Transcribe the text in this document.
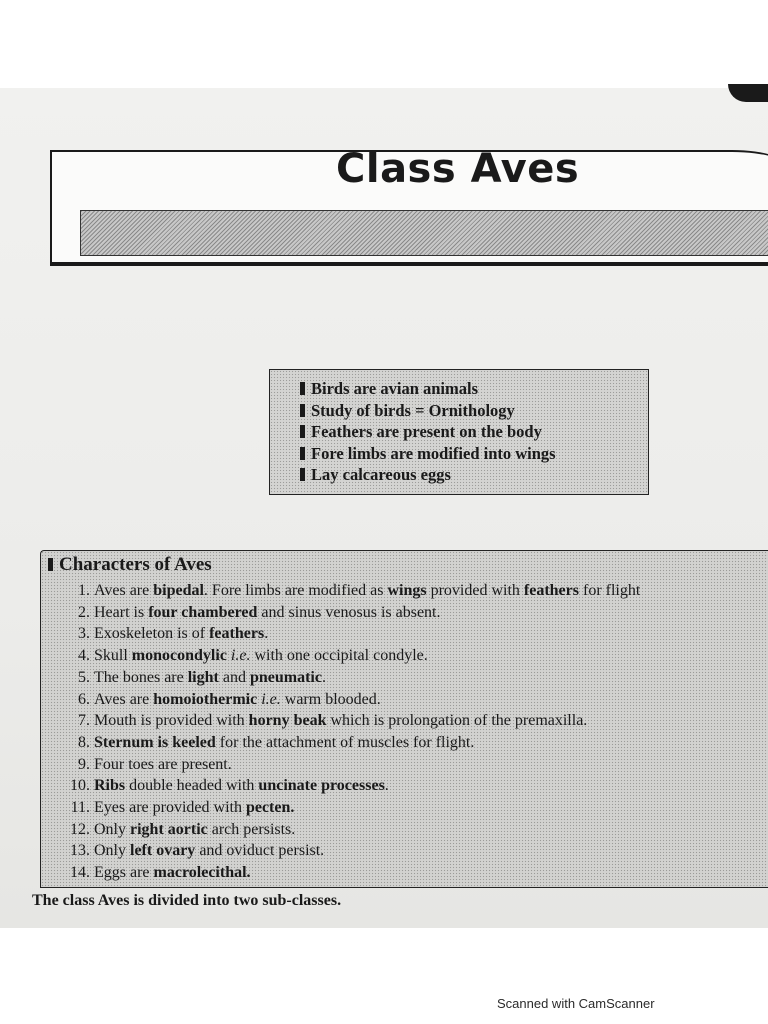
Class Aves
Birds are avian animals
Study of birds = Ornithology
Feathers are present on the body
Fore limbs are modified into wings
Lay calcareous eggs
Characters of Aves
1. Aves are bipedal. Fore limbs are modified as wings provided with feathers for flight
2. Heart is four chambered and sinus venosus is absent.
3. Exoskeleton is of feathers.
4. Skull monocondylic i.e. with one occipital condyle.
5. The bones are light and pneumatic.
6. Aves are homoiothermic i.e. warm blooded.
7. Mouth is provided with horny beak which is prolongation of the premaxilla.
8. Sternum is keeled for the attachment of muscles for flight.
9. Four toes are present.
10. Ribs double headed with uncinate processes.
11. Eyes are provided with pecten.
12. Only right aortic arch persists.
13. Only left ovary and oviduct persist.
14. Eggs are macrolecithal.
The class Aves is divided into two sub-classes.
Scanned with CamScanner
